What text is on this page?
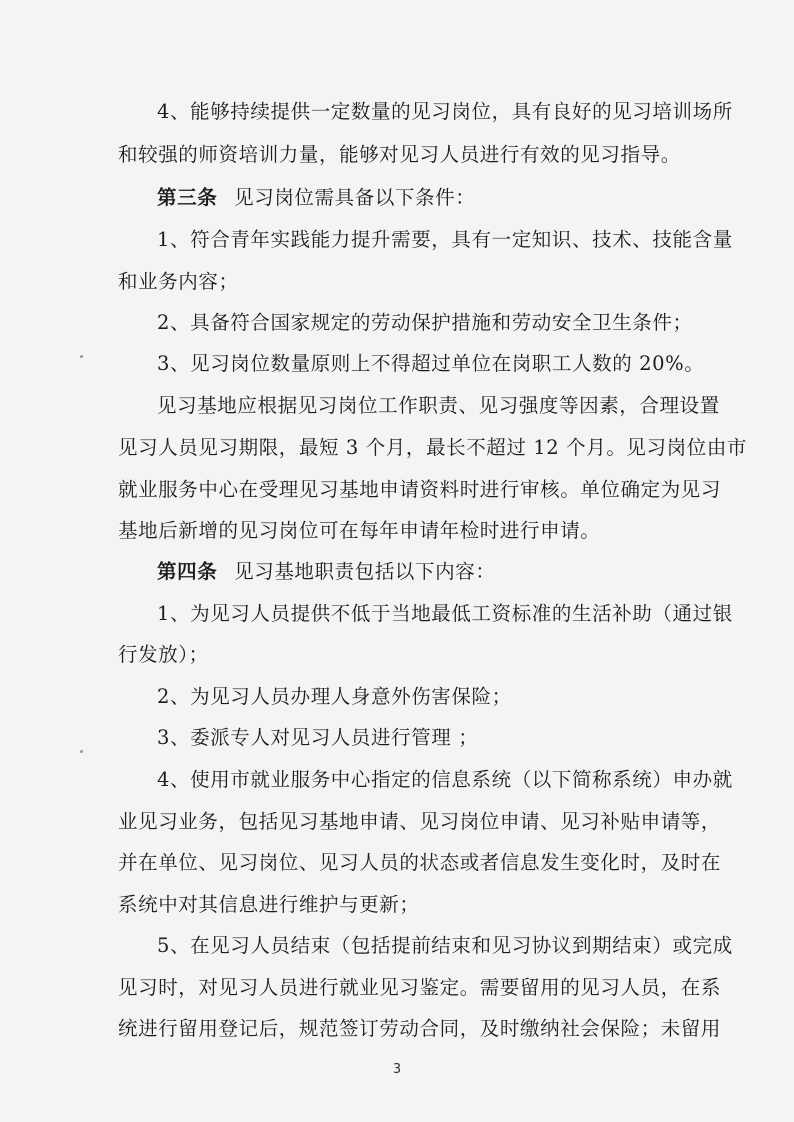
4、能够持续提供一定数量的见习岗位，具有良好的见习培训场所
和较强的师资培训力量，能够对见习人员进行有效的见习指导。
第三条 见习岗位需具备以下条件：
1、符合青年实践能力提升需要，具有一定知识、技术、技能含量
和业务内容；
2、具备符合国家规定的劳动保护措施和劳动安全卫生条件；
3、见习岗位数量原则上不得超过单位在岗职工人数的 20%。
见习基地应根据见习岗位工作职责、见习强度等因素，合理设置
见习人员见习期限，最短 3 个月，最长不超过 12 个月。见习岗位由市
就业服务中心在受理见习基地申请资料时进行审核。单位确定为见习
基地后新增的见习岗位可在每年申请年检时进行申请。
第四条 见习基地职责包括以下内容：
1、为见习人员提供不低于当地最低工资标准的生活补助（通过银
行发放）；
2、为见习人员办理人身意外伤害保险；
3、委派专人对见习人员进行管理 ；
4、使用市就业服务中心指定的信息系统（以下简称系统）申办就
业见习业务，包括见习基地申请、见习岗位申请、见习补贴申请等，
并在单位、见习岗位、见习人员的状态或者信息发生变化时，及时在
系统中对其信息进行维护与更新；
5、在见习人员结束（包括提前结束和见习协议到期结束）或完成
见习时，对见习人员进行就业见习鉴定。需要留用的见习人员，在系
统进行留用登记后，规范签订劳动合同，及时缴纳社会保险；未留用
3
